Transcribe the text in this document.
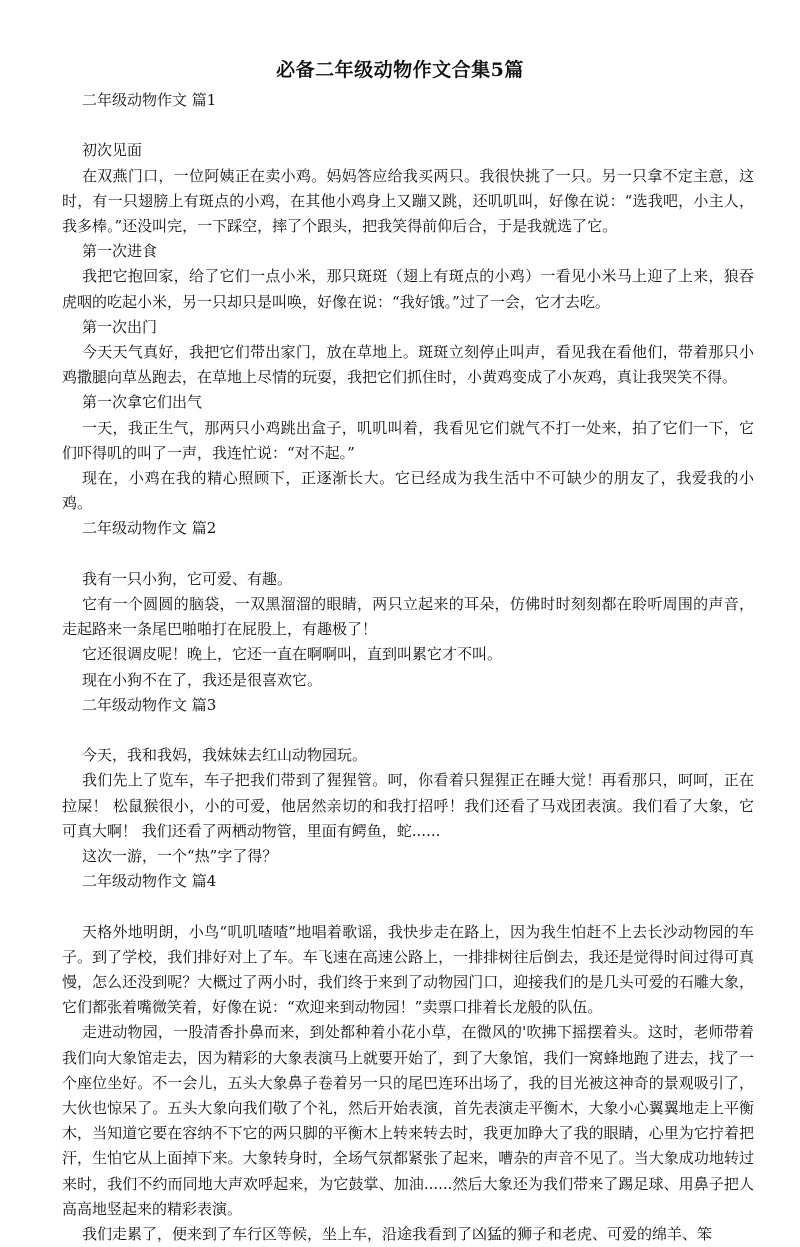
必备二年级动物作文合集5篇

二年级动物作文 篇1

初次见面

在双燕门口，一位阿姨正在卖小鸡。妈妈答应给我买两只。我很快挑了一只。另一只拿不定主意，这时，有一只翅膀上有斑点的小鸡，在其他小鸡身上又蹦又跳，还叽叽叫，好像在说：“选我吧，小主人，我多棒。”还没叫完，一下踩空，摔了个跟头，把我笑得前仰后合，于是我就选了它。

第一次进食

我把它抱回家，给了它们一点小米，那只斑斑（翅上有斑点的小鸡）一看见小米马上迎了上来，狼吞虎咽的吃起小米，另一只却只是叫唤，好像在说：“我好饿。”过了一会，它才去吃。

第一次出门

今天天气真好，我把它们带出家门，放在草地上。斑斑立刻停止叫声，看见我在看他们，带着那只小鸡撒腿向草丛跑去，在草地上尽情的玩耍，我把它们抓住时，小黄鸡变成了小灰鸡，真让我哭笑不得。

第一次拿它们出气

一天，我正生气，那两只小鸡跳出盒子，叽叽叫着，我看见它们就气不打一处来，拍了它们一下，它们吓得叽的叫了一声，我连忙说：“对不起。”

现在，小鸡在我的精心照顾下，正逐渐长大。它已经成为我生活中不可缺少的朋友了，我爱我的小鸡。

二年级动物作文 篇2

我有一只小狗，它可爱、有趣。

它有一个圆圆的脑袋，一双黑溜溜的眼睛，两只立起来的耳朵，仿佛时时刻刻都在聆听周围的声音，走起路来一条尾巴啪啪打在屁股上，有趣极了！

它还很调皮呢！晚上，它还一直在啊啊叫，直到叫累它才不叫。

现在小狗不在了，我还是很喜欢它。

二年级动物作文 篇3

今天，我和我妈，我妹妹去红山动物园玩。

我们先上了览车，车子把我们带到了猩猩管。呵，你看着只猩猩正在睡大觉！再看那只，呵呵，正在拉屎！ 松鼠猴很小，小的可爱，他居然亲切的和我打招呼！我们还看了马戏团表演。我们看了大象，它可真大啊！ 我们还看了两栖动物管，里面有鳄鱼，蛇......

这次一游，一个“热”字了得？

二年级动物作文 篇4

天格外地明朗，小鸟“叽叽喳喳”地唱着歌谣，我快步走在路上，因为我生怕赶不上去长沙动物园的车子。到了学校，我们排好对上了车。车飞速在高速公路上，一排排树往后倒去，我还是觉得时间过得可真慢，怎么还没到呢？大概过了两小时，我们终于来到了动物园门口，迎接我们的是几头可爱的石雕大象，它们都张着嘴微笑着，好像在说：“欢迎来到动物园！”卖票口排着长龙般的队伍。

走进动物园，一股清香扑鼻而来，到处都种着小花小草，在微风的'吹拂下摇摆着头。这时，老师带着我们向大象馆走去，因为精彩的大象表演马上就要开始了，到了大象馆，我们一窝蜂地跑了进去，找了一个座位坐好。不一会儿，五头大象鼻子卷着另一只的尾巴连环出场了，我的目光被这神奇的景观吸引了，大伙也惊呆了。五头大象向我们敬了个礼，然后开始表演，首先表演走平衡木，大象小心翼翼地走上平衡木，当知道它要在容纳不下它的两只脚的平衡木上转来转去时，我更加睁大了我的眼睛，心里为它拧着把汗，生怕它从上面掉下来。大象转身时，全场气氛都紧张了起来，嘈杂的声音不见了。当大象成功地转过来时，我们不约而同地大声欢呼起来，为它鼓掌、加油......然后大象还为我们带来了踢足球、用鼻子把人高高地竖起来的精彩表演。

我们走累了，便来到了车行区等候，坐上车，沿途我看到了凶猛的狮子和老虎、可爱的绵羊、笨
